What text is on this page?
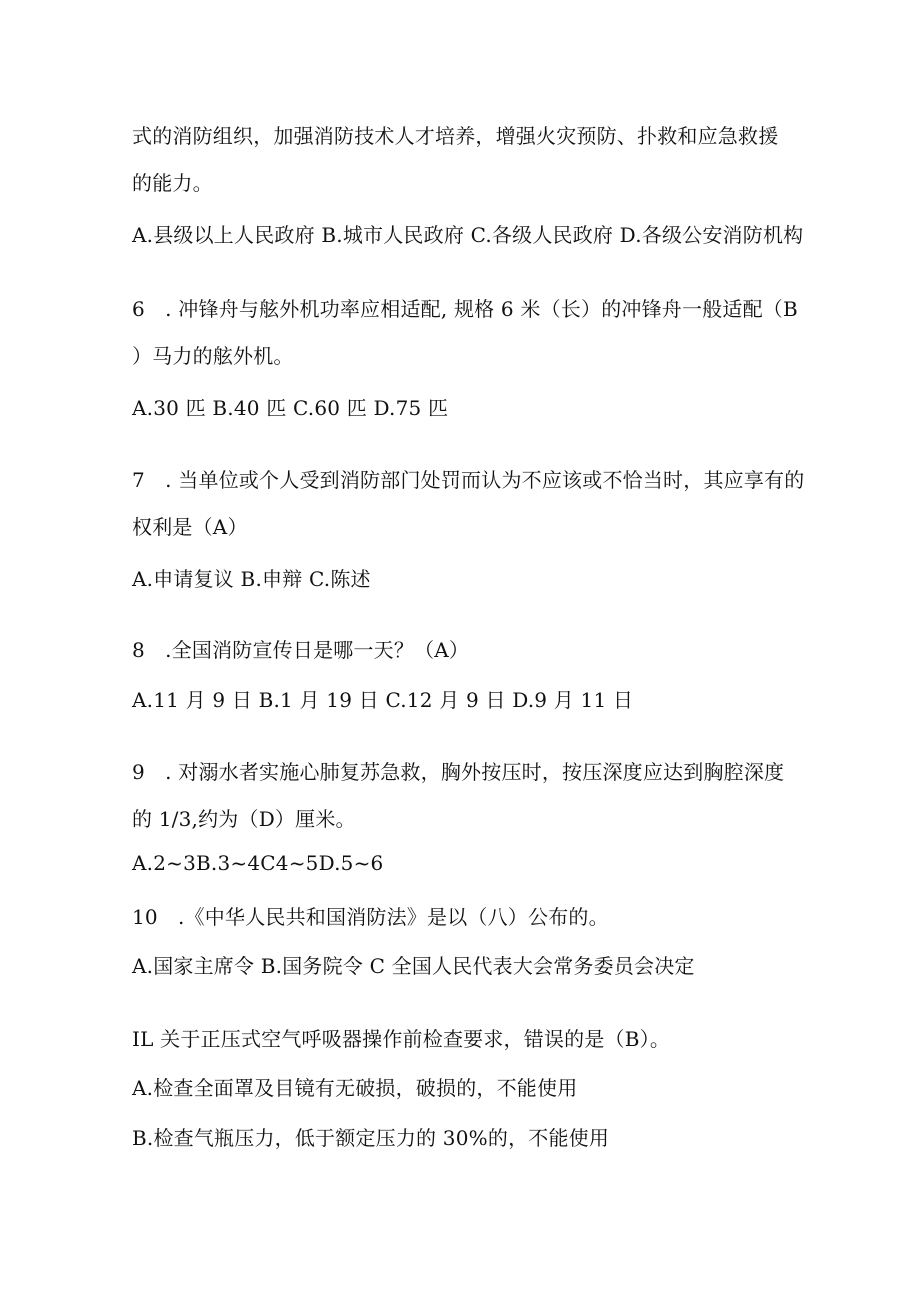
式的消防组织，加强消防技术人才培养，增强火灾预防、扑救和应急救援
的能力。
A.县级以上人民政府 B.城市人民政府 C.各级人民政府 D.各级公安消防机构
6　. 冲锋舟与舷外机功率应相适配, 规格 6 米（长）的冲锋舟一般适配（B
）马力的舷外机。
A.30 匹 B.40 匹 C.60 匹 D.75 匹
7　. 当单位或个人受到消防部门处罚而认为不应该或不恰当时，其应享有的
权利是（A）
A.申请复议 B.申辩 C.陈述
8　.全国消防宣传日是哪一天？（A）
A.11 月 9 日 B.1 月 19 日 C.12 月 9 日 D.9 月 11 日
9　. 对溺水者实施心肺复苏急救，胸外按压时，按压深度应达到胸腔深度
的 1/3,约为（D）厘米。
A.2~3B.3~4C4~5D.5~6
10　.《中华人民共和国消防法》是以（八）公布的。
A.国家主席令 B.国务院令 C 全国人民代表大会常务委员会决定
IL 关于正压式空气呼吸器操作前检查要求，错误的是（B）。
A.检查全面罩及目镜有无破损，破损的，不能使用
B.检查气瓶压力，低于额定压力的 30%的，不能使用
